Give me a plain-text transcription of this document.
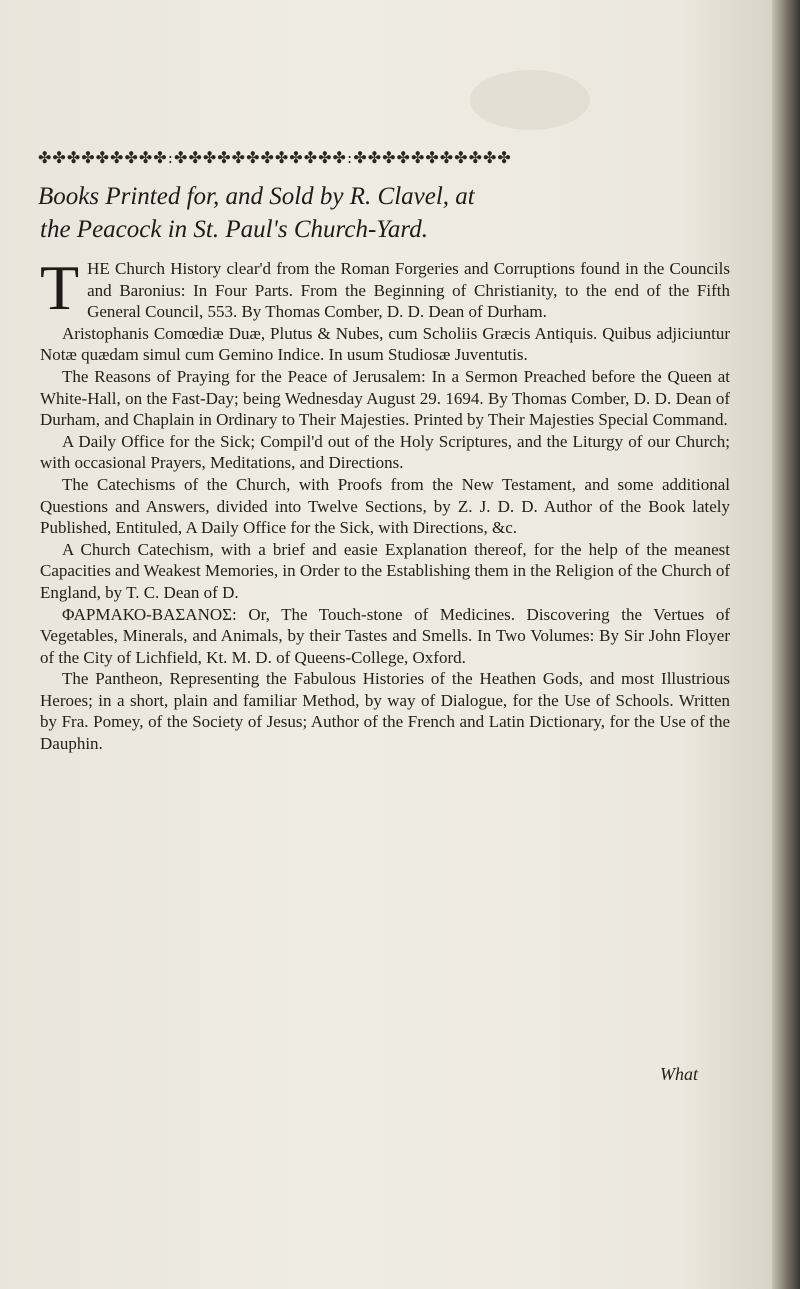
✤✤✤✤✤✤✤✤✤:✤✤✤✤✤✤✤✤✤✤✤✤:✤✤✤✤✤✤✤✤✤✤✤
Books Printed for, and Sold by R. Clavel, at
the Peacock in St. Paul's Church-Yard.
T HE Church History clear'd from the Roman Forgeries and Corruptions found in the Councils and Baronius: In Four Parts. From the Beginning of Christianity, to the end of the Fifth General Council, 553. By Thomas Comber, D. D. Dean of Durham.

Aristophanis Comœdiæ Duæ, Plutus & Nubes, cum Scholiis Græcis Antiquis. Quibus adjiciuntur Notæ quædam simul cum Gemino Indice. In usum Studiosæ Juventutis.

The Reasons of Praying for the Peace of Jerusalem: In a Sermon Preached before the Queen at White-Hall, on the Fast-Day; being Wednesday August 29. 1694. By Thomas Comber, D. D. Dean of Durham, and Chaplain in Ordinary to Their Majesties. Printed by Their Majesties Special Command.

A Daily Office for the Sick; Compil'd out of the Holy Scriptures, and the Liturgy of our Church; with occasional Prayers, Meditations, and Directions.

The Catechisms of the Church, with Proofs from the New Testament, and some additional Questions and Answers, divided into Twelve Sections, by Z. J. D. D. Author of the Book lately Published, Entituled, A Daily Office for the Sick, with Directions, &c.

A Church Catechism, with a brief and easie Explanation thereof, for the help of the meanest Capacities and Weakest Memories, in Order to the Establishing them in the Religion of the Church of England, by T. C. Dean of D.

ΦΑΡΜΑΚΟ-ΒΑΣΑΝΟΣ: Or, The Touch-stone of Medicines. Discovering the Vertues of Vegetables, Minerals, and Animals, by their Tastes and Smells. In Two Volumes: By Sir John Floyer of the City of Lichfield, Kt. M. D. of Queens-College, Oxford.

The Pantheon, Representing the Fabulous Histories of the Heathen Gods, and most Illustrious Heroes; in a short, plain and familiar Method, by way of Dialogue, for the Use of Schools. Written by Fra. Pomey, of the Society of Jesus; Author of the French and Latin Dictionary, for the Use of the Dauphin.

What
